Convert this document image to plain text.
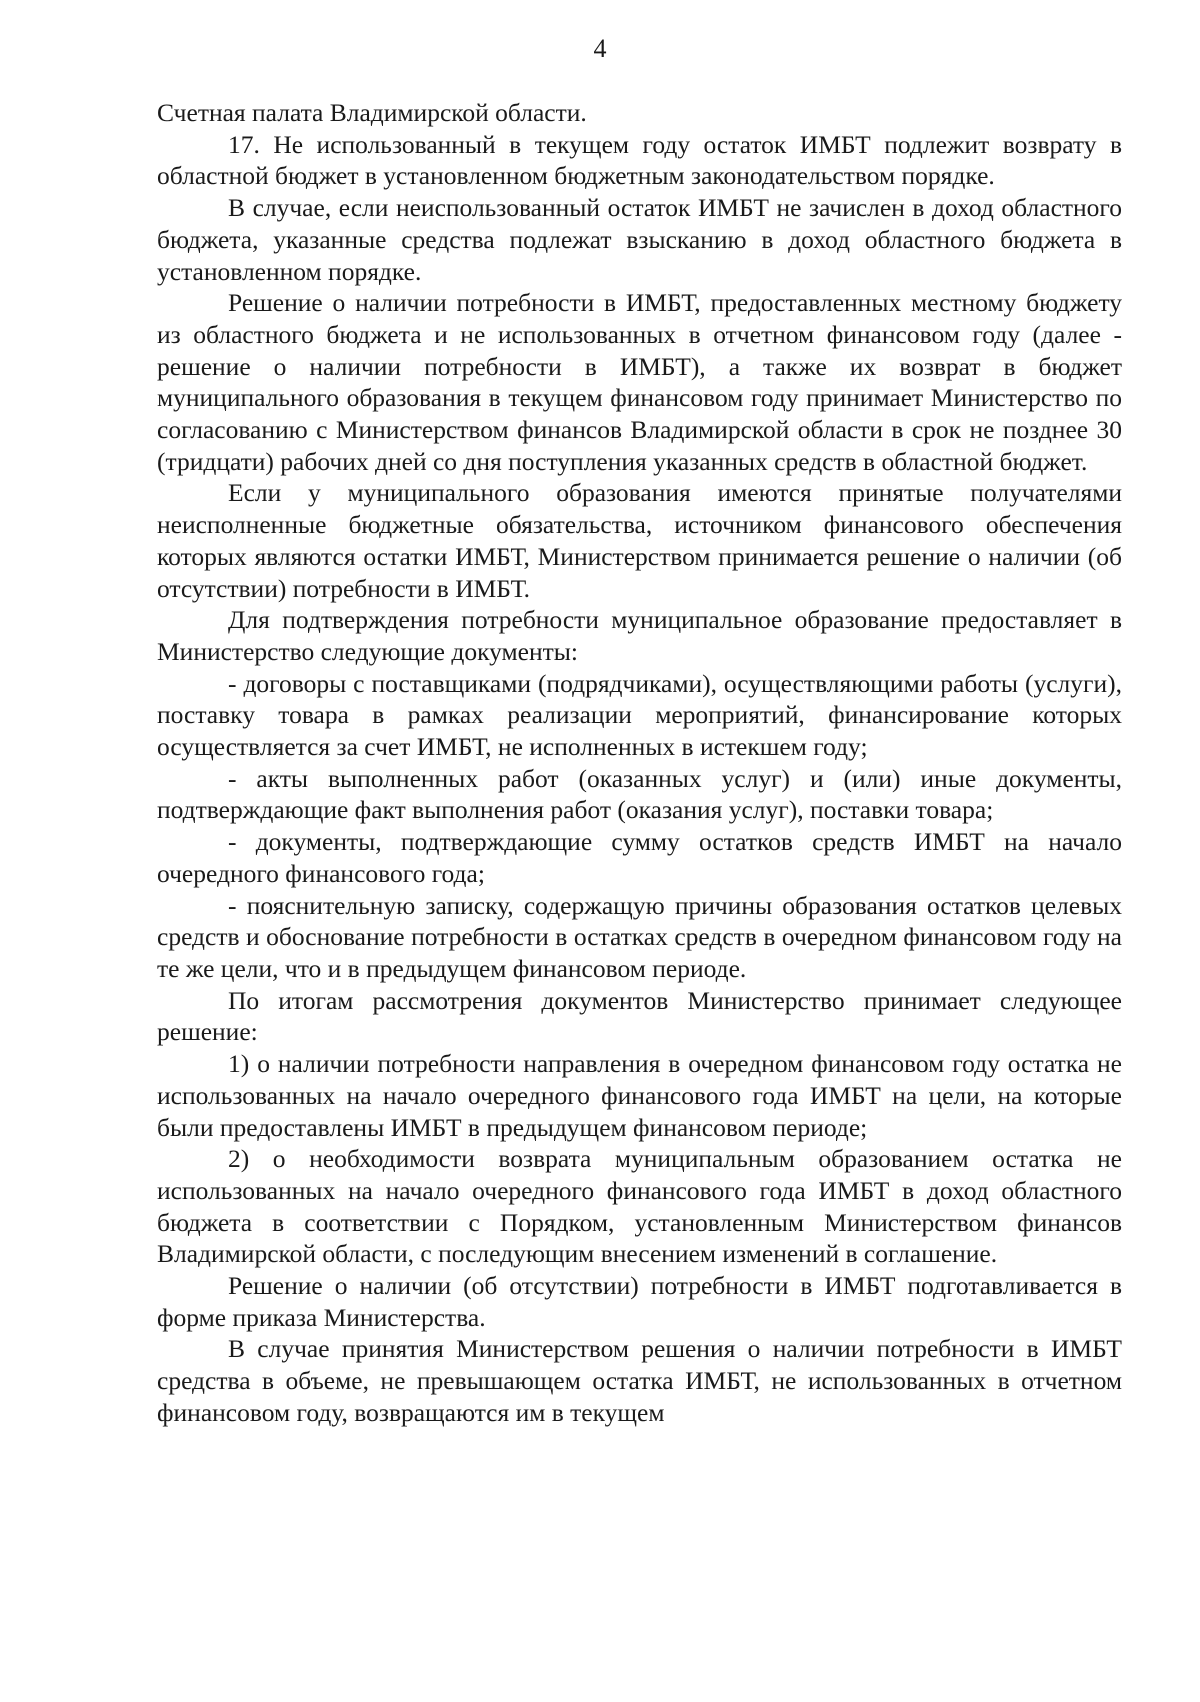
4

Счетная палата Владимирской области.

17. Не использованный в текущем году остаток ИМБТ подлежит возврату в областной бюджет в установленном бюджетным законодательством порядке.

В случае, если неиспользованный остаток ИМБТ не зачислен в доход областного бюджета, указанные средства подлежат взысканию в доход областного бюджета в установленном порядке.

Решение о наличии потребности в ИМБТ, предоставленных местному бюджету из областного бюджета и не использованных в отчетном финансовом году (далее - решение о наличии потребности в ИМБТ), а также их возврат в бюджет муниципального образования в текущем финансовом году принимает Министерство по согласованию с Министерством финансов Владимирской области в срок не позднее 30 (тридцати) рабочих дней со дня поступления указанных средств в областной бюджет.

Если у муниципального образования имеются принятые получателями неисполненные бюджетные обязательства, источником финансового обеспечения которых являются остатки ИМБТ, Министерством принимается решение о наличии (об отсутствии) потребности в ИМБТ.

Для подтверждения потребности муниципальное образование предоставляет в Министерство следующие документы:

- договоры с поставщиками (подрядчиками), осуществляющими работы (услуги), поставку товара в рамках реализации мероприятий, финансирование которых осуществляется за счет ИМБТ, не исполненных в истекшем году;

- акты выполненных работ (оказанных услуг) и (или) иные документы, подтверждающие факт выполнения работ (оказания услуг), поставки товара;

- документы, подтверждающие сумму остатков средств ИМБТ на начало очередного финансового года;

- пояснительную записку, содержащую причины образования остатков целевых средств и обоснование потребности в остатках средств в очередном финансовом году на те же цели, что и в предыдущем финансовом периоде.

По итогам рассмотрения документов Министерство принимает следующее решение:

1) о наличии потребности направления в очередном финансовом году остатка не использованных на начало очередного финансового года ИМБТ на цели, на которые были предоставлены ИМБТ в предыдущем финансовом периоде;

2) о необходимости возврата муниципальным образованием остатка не использованных на начало очередного финансового года ИМБТ в доход областного бюджета в соответствии с Порядком, установленным Министерством финансов Владимирской области, с последующим внесением изменений в соглашение.

Решение о наличии (об отсутствии) потребности в ИМБТ подготавливается в форме приказа Министерства.

В случае принятия Министерством решения о наличии потребности в ИМБТ средства в объеме, не превышающем остатка ИМБТ, не использованных в отчетном финансовом году, возвращаются им в текущем
